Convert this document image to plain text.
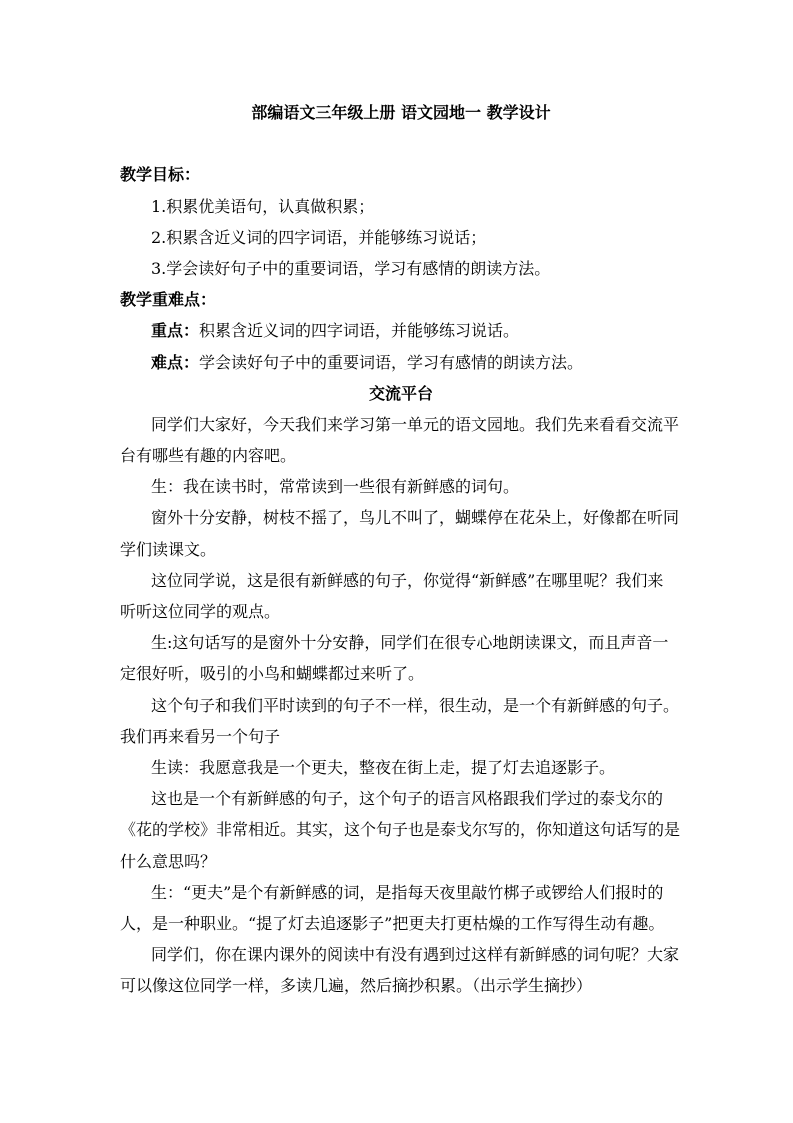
部编语文三年级上册 语文园地一 教学设计
教学目标：
1.积累优美语句，认真做积累；
2.积累含近义词的四字词语，并能够练习说话；
3.学会读好句子中的重要词语，学习有感情的朗读方法。
教学重难点：
重点：积累含近义词的四字词语，并能够练习说话。
难点：学会读好句子中的重要词语，学习有感情的朗读方法。
交流平台
同学们大家好，今天我们来学习第一单元的语文园地。我们先来看看交流平
台有哪些有趣的内容吧。
生：我在读书时，常常读到一些很有新鲜感的词句。
窗外十分安静，树枝不摇了，鸟儿不叫了，蝴蝶停在花朵上，好像都在听同
学们读课文。
这位同学说，这是很有新鲜感的句子，你觉得“新鲜感”在哪里呢？我们来
听听这位同学的观点。
生:这句话写的是窗外十分安静，同学们在很专心地朗读课文，而且声音一
定很好听，吸引的小鸟和蝴蝶都过来听了。
这个句子和我们平时读到的句子不一样，很生动，是一个有新鲜感的句子。
我们再来看另一个句子
生读：我愿意我是一个更夫，整夜在街上走，提了灯去追逐影子。
这也是一个有新鲜感的句子，这个句子的语言风格跟我们学过的泰戈尔的
《花的学校》非常相近。其实，这个句子也是泰戈尔写的，你知道这句话写的是
什么意思吗？
生：“更夫”是个有新鲜感的词，是指每天夜里敲竹梆子或锣给人们报时的
人，是一种职业。“提了灯去追逐影子”把更夫打更枯燥的工作写得生动有趣。
同学们，你在课内课外的阅读中有没有遇到过这样有新鲜感的词句呢？大家
可以像这位同学一样，多读几遍，然后摘抄积累。（出示学生摘抄）
